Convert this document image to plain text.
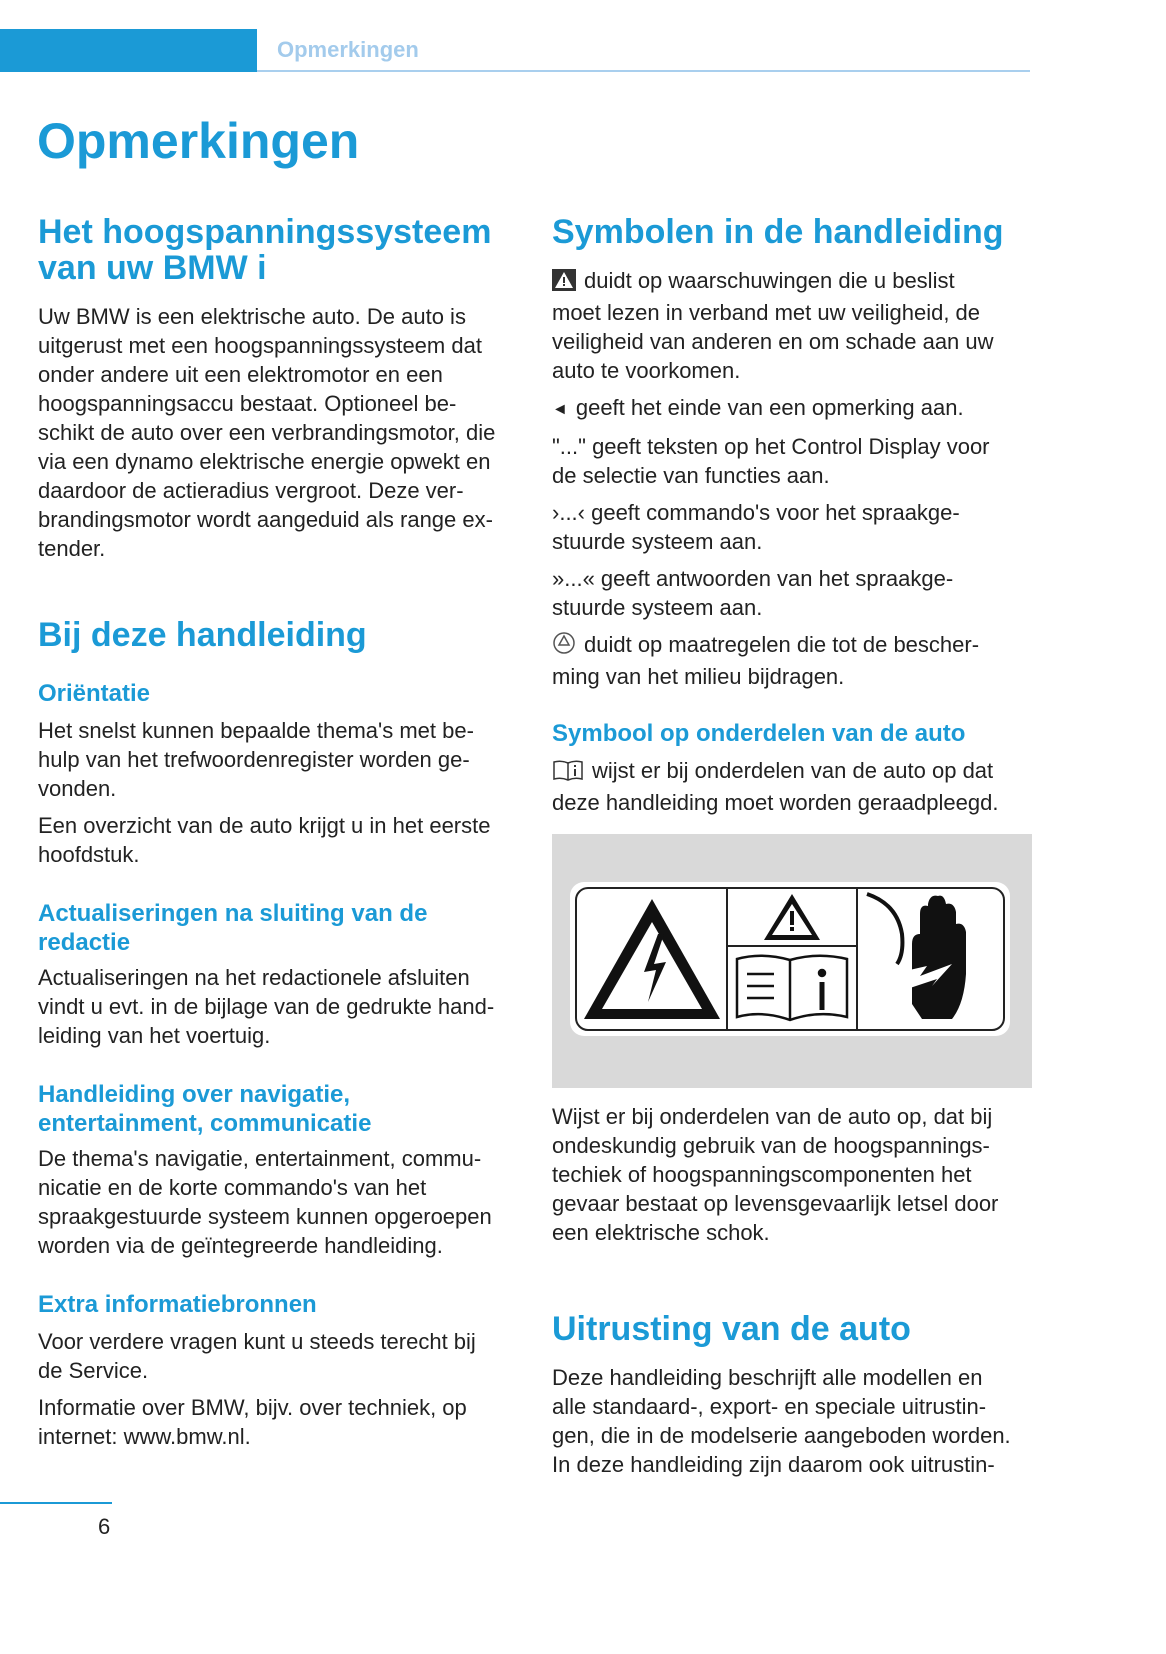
Opmerkingen
Opmerkingen
Het hoogspanningssysteem
van uw BMW i

Uw BMW is een elektrische auto. De auto is
uitgerust met een hoogspanningssysteem dat
onder andere uit een elektromotor en een
hoogspanningsaccu bestaat. Optioneel be-
schikt de auto over een verbrandingsmotor, die
via een dynamo elektrische energie opwekt en
daardoor de actieradius vergroot. Deze ver-
brandingsmotor wordt aangeduid als range ex-
tender.

Bij deze handleiding
Oriëntatie

Het snelst kunnen bepaalde thema's met be-
hulp van het trefwoordenregister worden ge-
vonden.

Een overzicht van de auto krijgt u in het eerste
hoofdstuk.

Actualiseringen na sluiting van de
redactie

Actualiseringen na het redactionele afsluiten
vindt u evt. in de bijlage van de gedrukte hand-
leiding van het voertuig.

Handleiding over navigatie,
entertainment, communicatie

De thema's navigatie, entertainment, commu-
nicatie en de korte commando's van het
spraakgestuurde systeem kunnen opgeroepen
worden via de geïntegreerde handleiding.

Extra informatiebronnen

Voor verdere vragen kunt u steeds terecht bij
de Service.

Informatie over BMW, bijv. over techniek, op
internet: www.bmw.nl.

Symbolen in de handleiding

duidt op waarschuwingen die u beslist
moet lezen in verband met uw veiligheid, de
veiligheid van anderen en om schade aan uw
auto te voorkomen.

◄ geeft het einde van een opmerking aan.

"..." geeft teksten op het Control Display voor
de selectie van functies aan.

›...‹ geeft commando's voor het spraakge-
stuurde systeem aan.

»...« geeft antwoorden van het spraakge-
stuurde systeem aan.

duidt op maatregelen die tot de bescher-
ming van het milieu bijdragen.

Symbool op onderdelen van de auto

wijst er bij onderdelen van de auto op dat
deze handleiding moet worden geraadpleegd.

Wijst er bij onderdelen van de auto op, dat bij
ondeskundig gebruik van de hoogspannings-
techiek of hoogspanningscomponenten het
gevaar bestaat op levensgevaarlijk letsel door
een elektrische schok.

Uitrusting van de auto

Deze handleiding beschrijft alle modellen en
alle standaard-, export- en speciale uitrustin-
gen, die in de modelserie aangeboden worden.
In deze handleiding zijn daarom ook uitrustin-

6
